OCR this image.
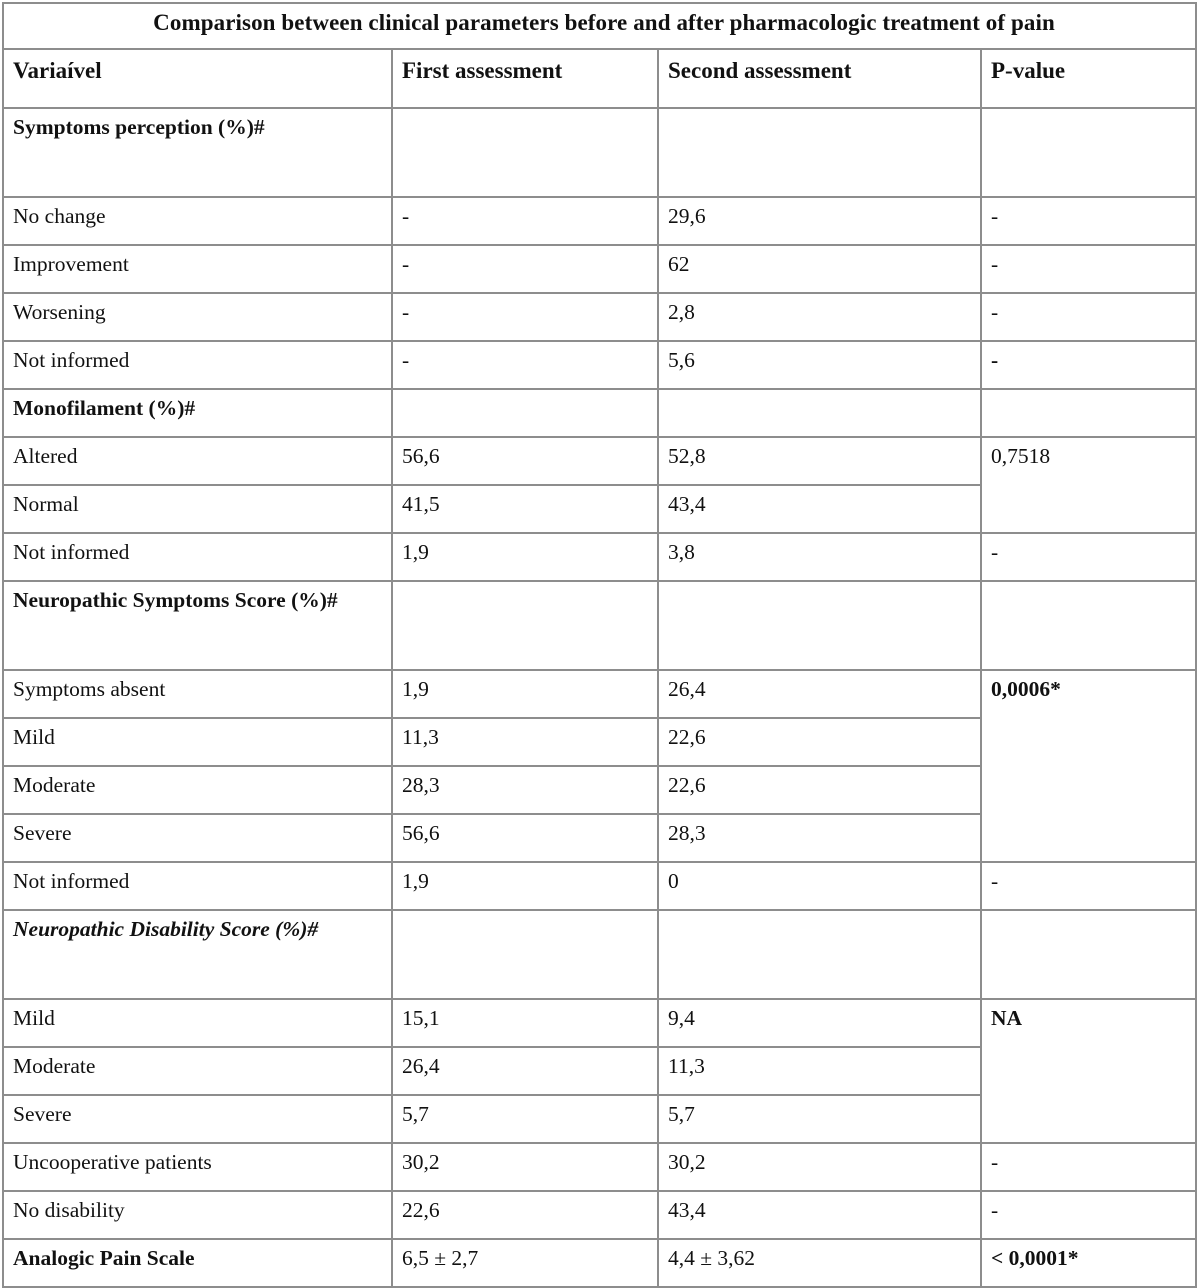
Comparison between clinical parameters before and after pharmacologic treatment of pain			
Variaível	First assessment	Second assessment	P-value
Symptoms perception (%)#			
No change	-	29,6	-
Improvement	-	62	-
Worsening	-	2,8	-
Not informed	-	5,6	-
Monofilament (%)#			
Altered	56,6	52,8	0,7518
Normal	41,5	43,4	
Not informed	1,9	3,8	-
Neuropathic Symptoms Score (%)#			
Symptoms absent	1,9	26,4	0,0006*
Mild	11,3	22,6	
Moderate	28,3	22,6	
Severe	56,6	28,3	
Not informed	1,9	0	-
Neuropathic Disability Score (%)#			
Mild	15,1	9,4	NA
Moderate	26,4	11,3	
Severe	5,7	5,7	
Uncooperative patients	30,2	30,2	-
No disability	22,6	43,4	-
Analogic Pain Scale	6,5 ± 2,7	4,4 ± 3,62	< 0,0001*
